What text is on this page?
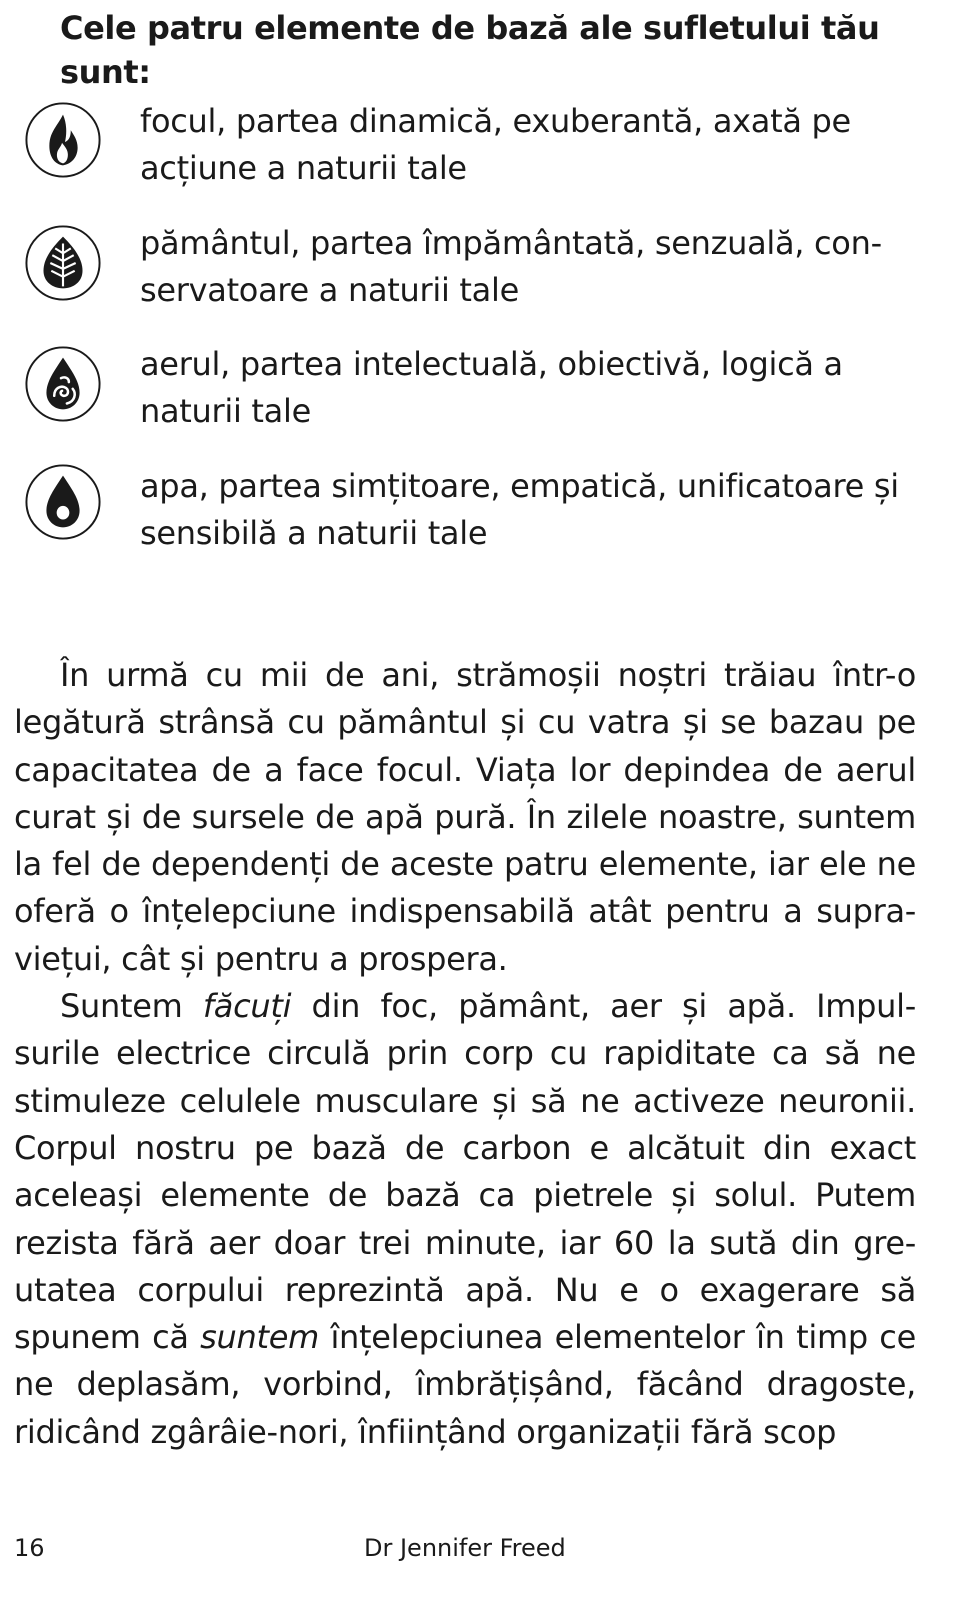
Cele patru elemente de bază ale sufletului tău sunt:

focul, partea dinamică, exuberantă, axată pe acțiune a naturii tale

pământul, partea împământată, senzuală, con-servatoare a naturii tale

aerul, partea intelectuală, obiectivă, logică a naturii tale

apa, partea simțitoare, empatică, unificatoare și sensibilă a naturii tale

În urmă cu mii de ani, strămoșii noștri trăiau într-o legătură strânsă cu pământul și cu vatra și se bazau pe capacitatea de a face focul. Viața lor depindea de aerul curat și de sursele de apă pură. În zilele noastre, suntem la fel de dependenți de aceste patru elemente, iar ele ne oferă o înțelepciune indispensabilă atât pentru a supra-viețui, cât și pentru a prospera.

Suntem făcuți din foc, pământ, aer și apă. Impul-surile electrice circulă prin corp cu rapiditate ca să ne stimuleze celulele musculare și să ne activeze neuronii. Corpul nostru pe bază de carbon e alcătuit din exact aceleași elemente de bază ca pietrele și solul. Putem rezista fără aer doar trei minute, iar 60 la sută din gre-utatea corpului reprezintă apă. Nu e o exagerare să spunem că suntem înțelepciunea elementelor în timp ce ne deplasăm, vorbind, îmbrățișând, făcând dragoste, ridicând zgârâie-nori, înființând organizații fără scop

16	Dr Jennifer Freed
